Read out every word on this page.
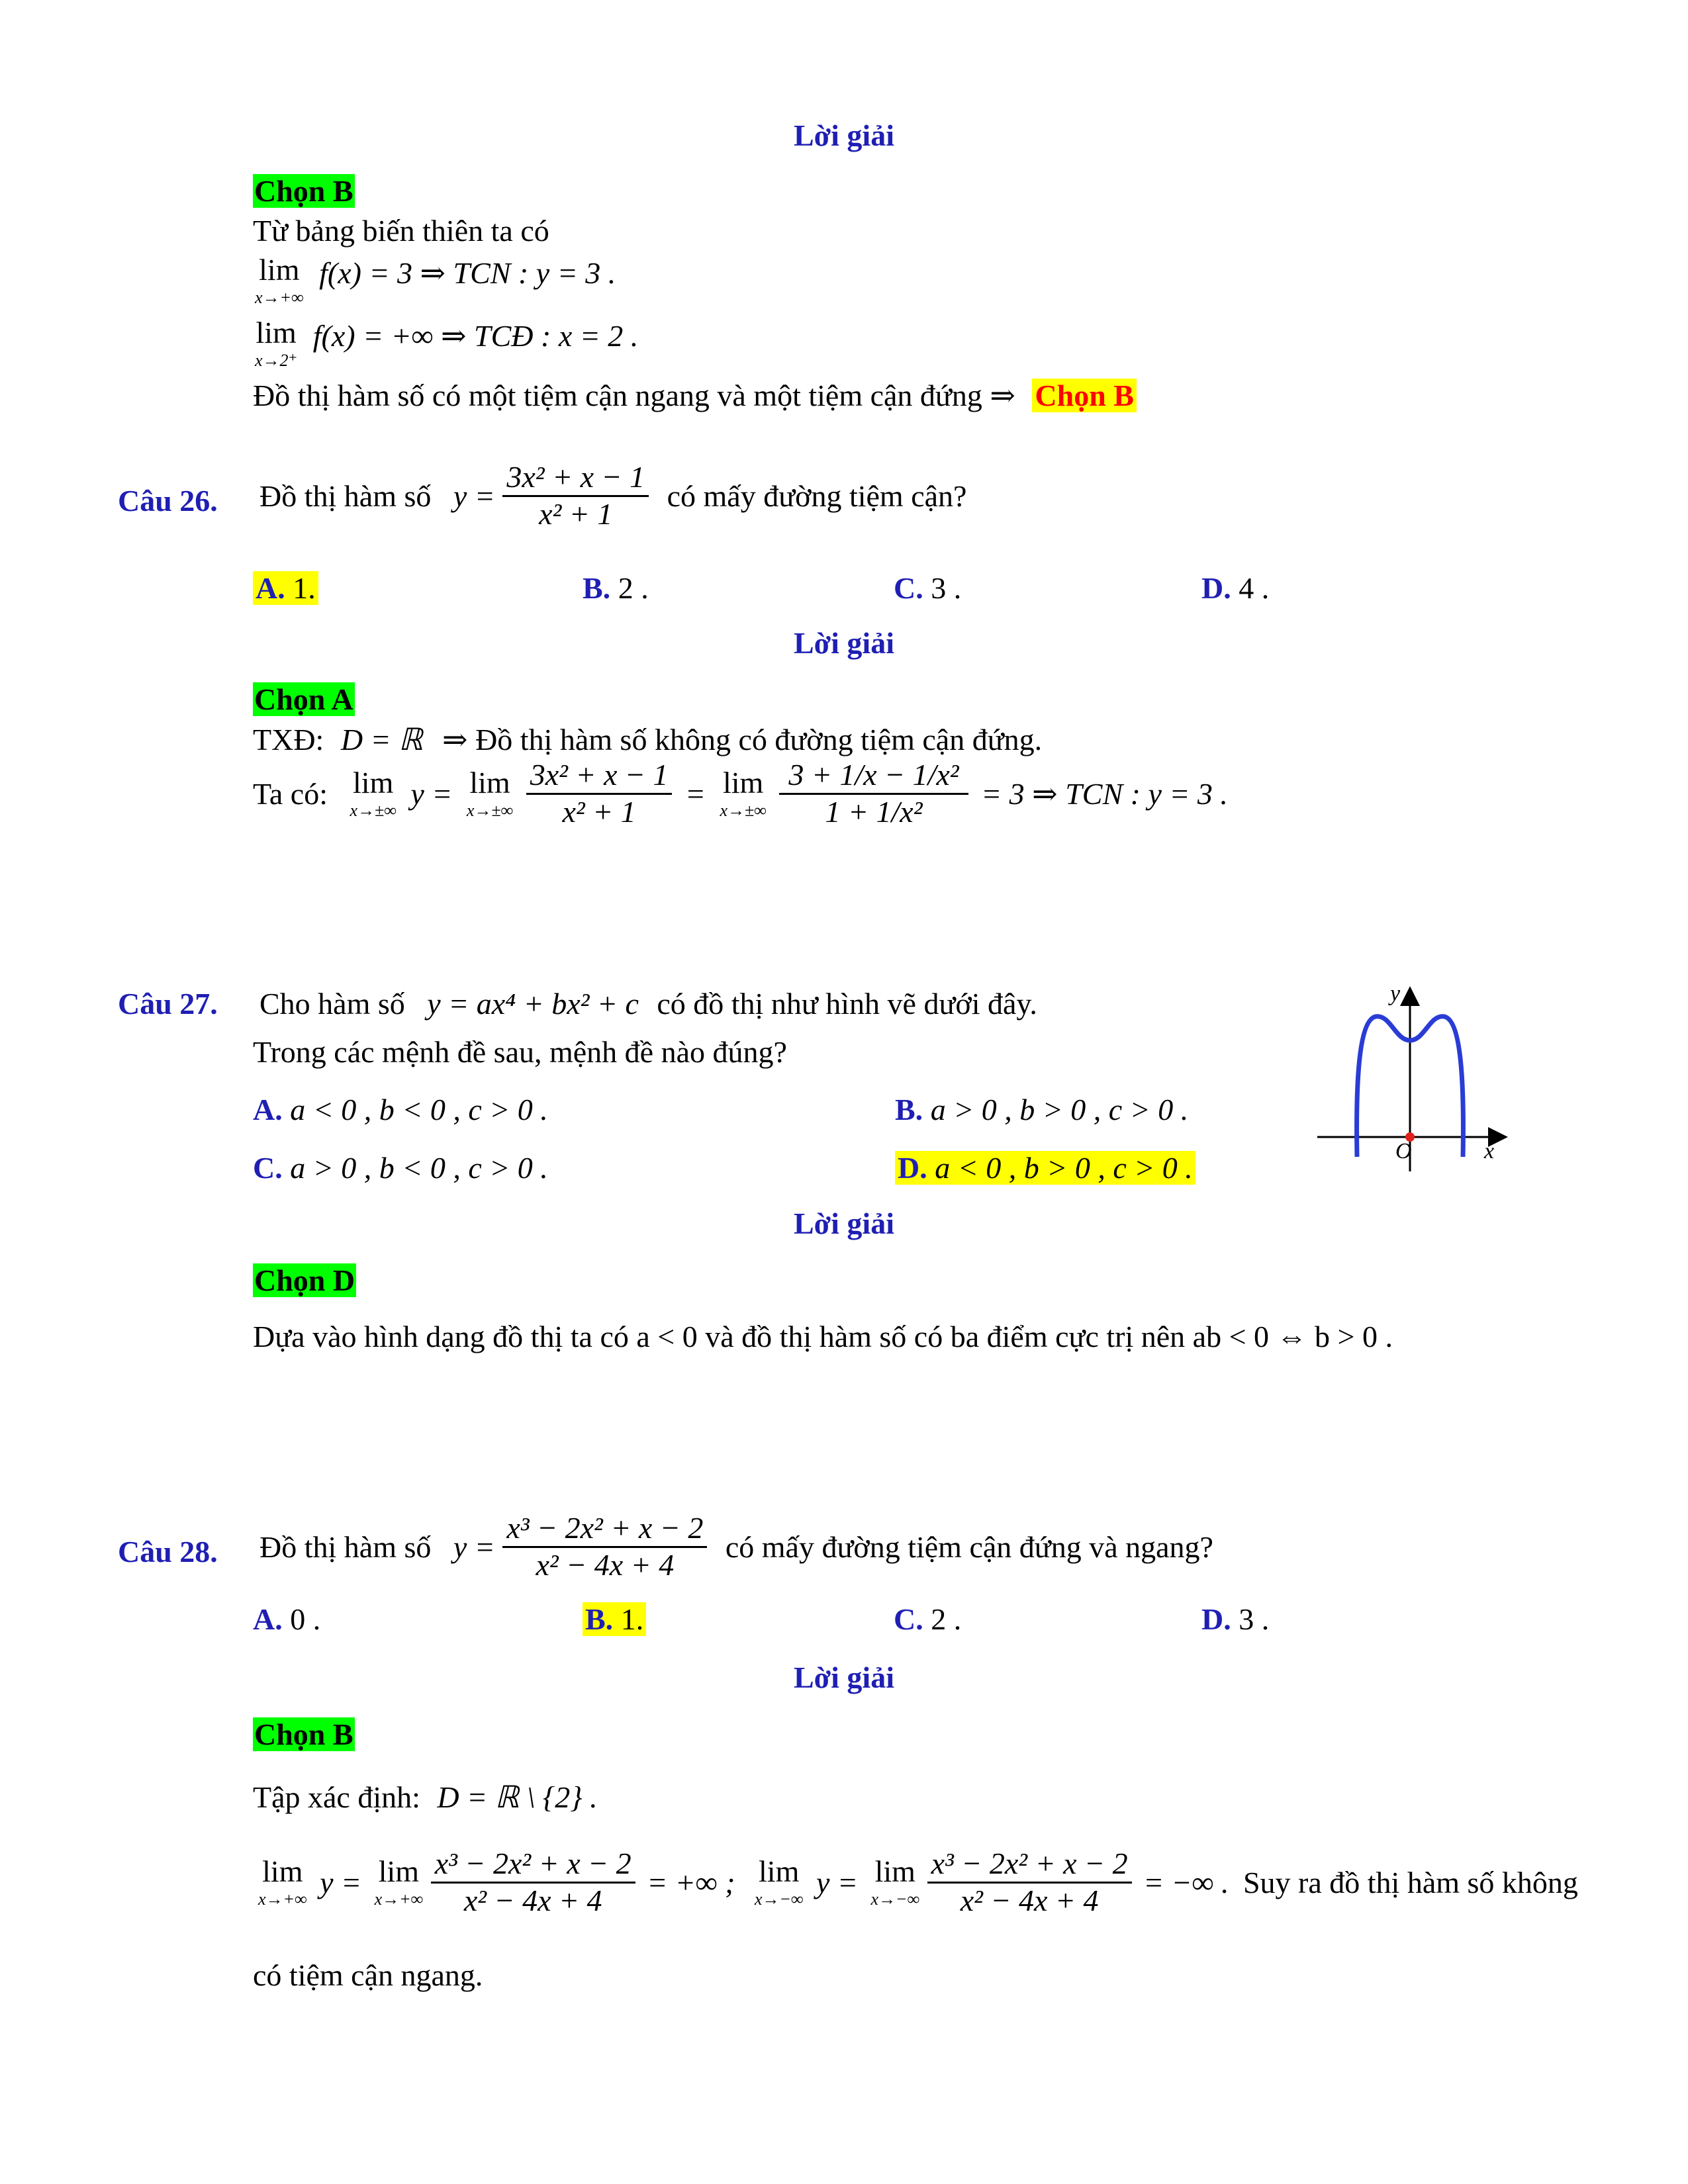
Lời giải
Chọn B
Từ bảng biến thiên ta có
lim
x→+∞
f(x) = 3 ⇒ TCN : y = 3 .
lim
x→2⁺
f(x) = +∞ ⇒ TCĐ : x = 2 .
Đồ thị hàm số có một tiệm cận ngang và một tiệm cận đứng ⇒ Chọn B
Câu 26. Đồ thị hàm số $y = \frac{\text{3x² + x − 1}}{\text{x² + 1}}$ có mấy đường tiệm cận?
A. 1.	B. 2 .	C. 3 .	D. 4 .
Lời giải
Chọn A
TXĐ: D = ℝ ⇒ Đồ thị hàm số không có đường tiệm cận đứng.
Ta có: lim
x→±∞ y = lim
x→±∞
$\frac{\text{3x² + x − 1}}{\text{x² + 1}} = \lim$
x→±∞
$\frac{\text{3 + 1/x − 1/x²}}{\text{1 + 1/x²}} = 3$ ⇒ TCN : y = 3 .
Câu 27. Cho hàm số y = ax⁴ + bx² + c có đồ thị như hình vẽ dưới đây.
Trong các mệnh đề sau, mệnh đề nào đúng?
A. a < 0 , b < 0 , c > 0 .	B. a > 0 , b > 0 , c > 0 .
C. a > 0 , b < 0 , c > 0 .	D. a < 0 , b > 0 , c > 0 .	O	x
y
Lời giải
Chọn D
Dựa vào hình dạng đồ thị ta có a < 0 và đồ thị hàm số có ba điểm cực trị nên ab < 0 ⇔ b > 0 .
Câu 28. Đồ thị hàm số $y = \frac{\text{x³ − 2x² + x − 2}}{\text{x² − 4x + 4}}$ có mấy đường tiệm cận đứng và ngang?
A. 0 .	B. 1.	C. 2 .	D. 3 .
Lời giải
Chọn B
Tập xác định: D = ℝ \ {2} .
lim
x→+∞ y = lim
x→+∞
$\frac{\text{x³ − 2x² + x − 2}}{\text{x² − 4x + 4}}$ = +∞ ; lim
x→−∞ y = lim
x→−∞
$\frac{\text{x³ − 2x² + x − 2}}{\text{x² − 4x + 4}}$ = −∞ . Suy ra đồ thị hàm số không
có tiệm cận ngang.
